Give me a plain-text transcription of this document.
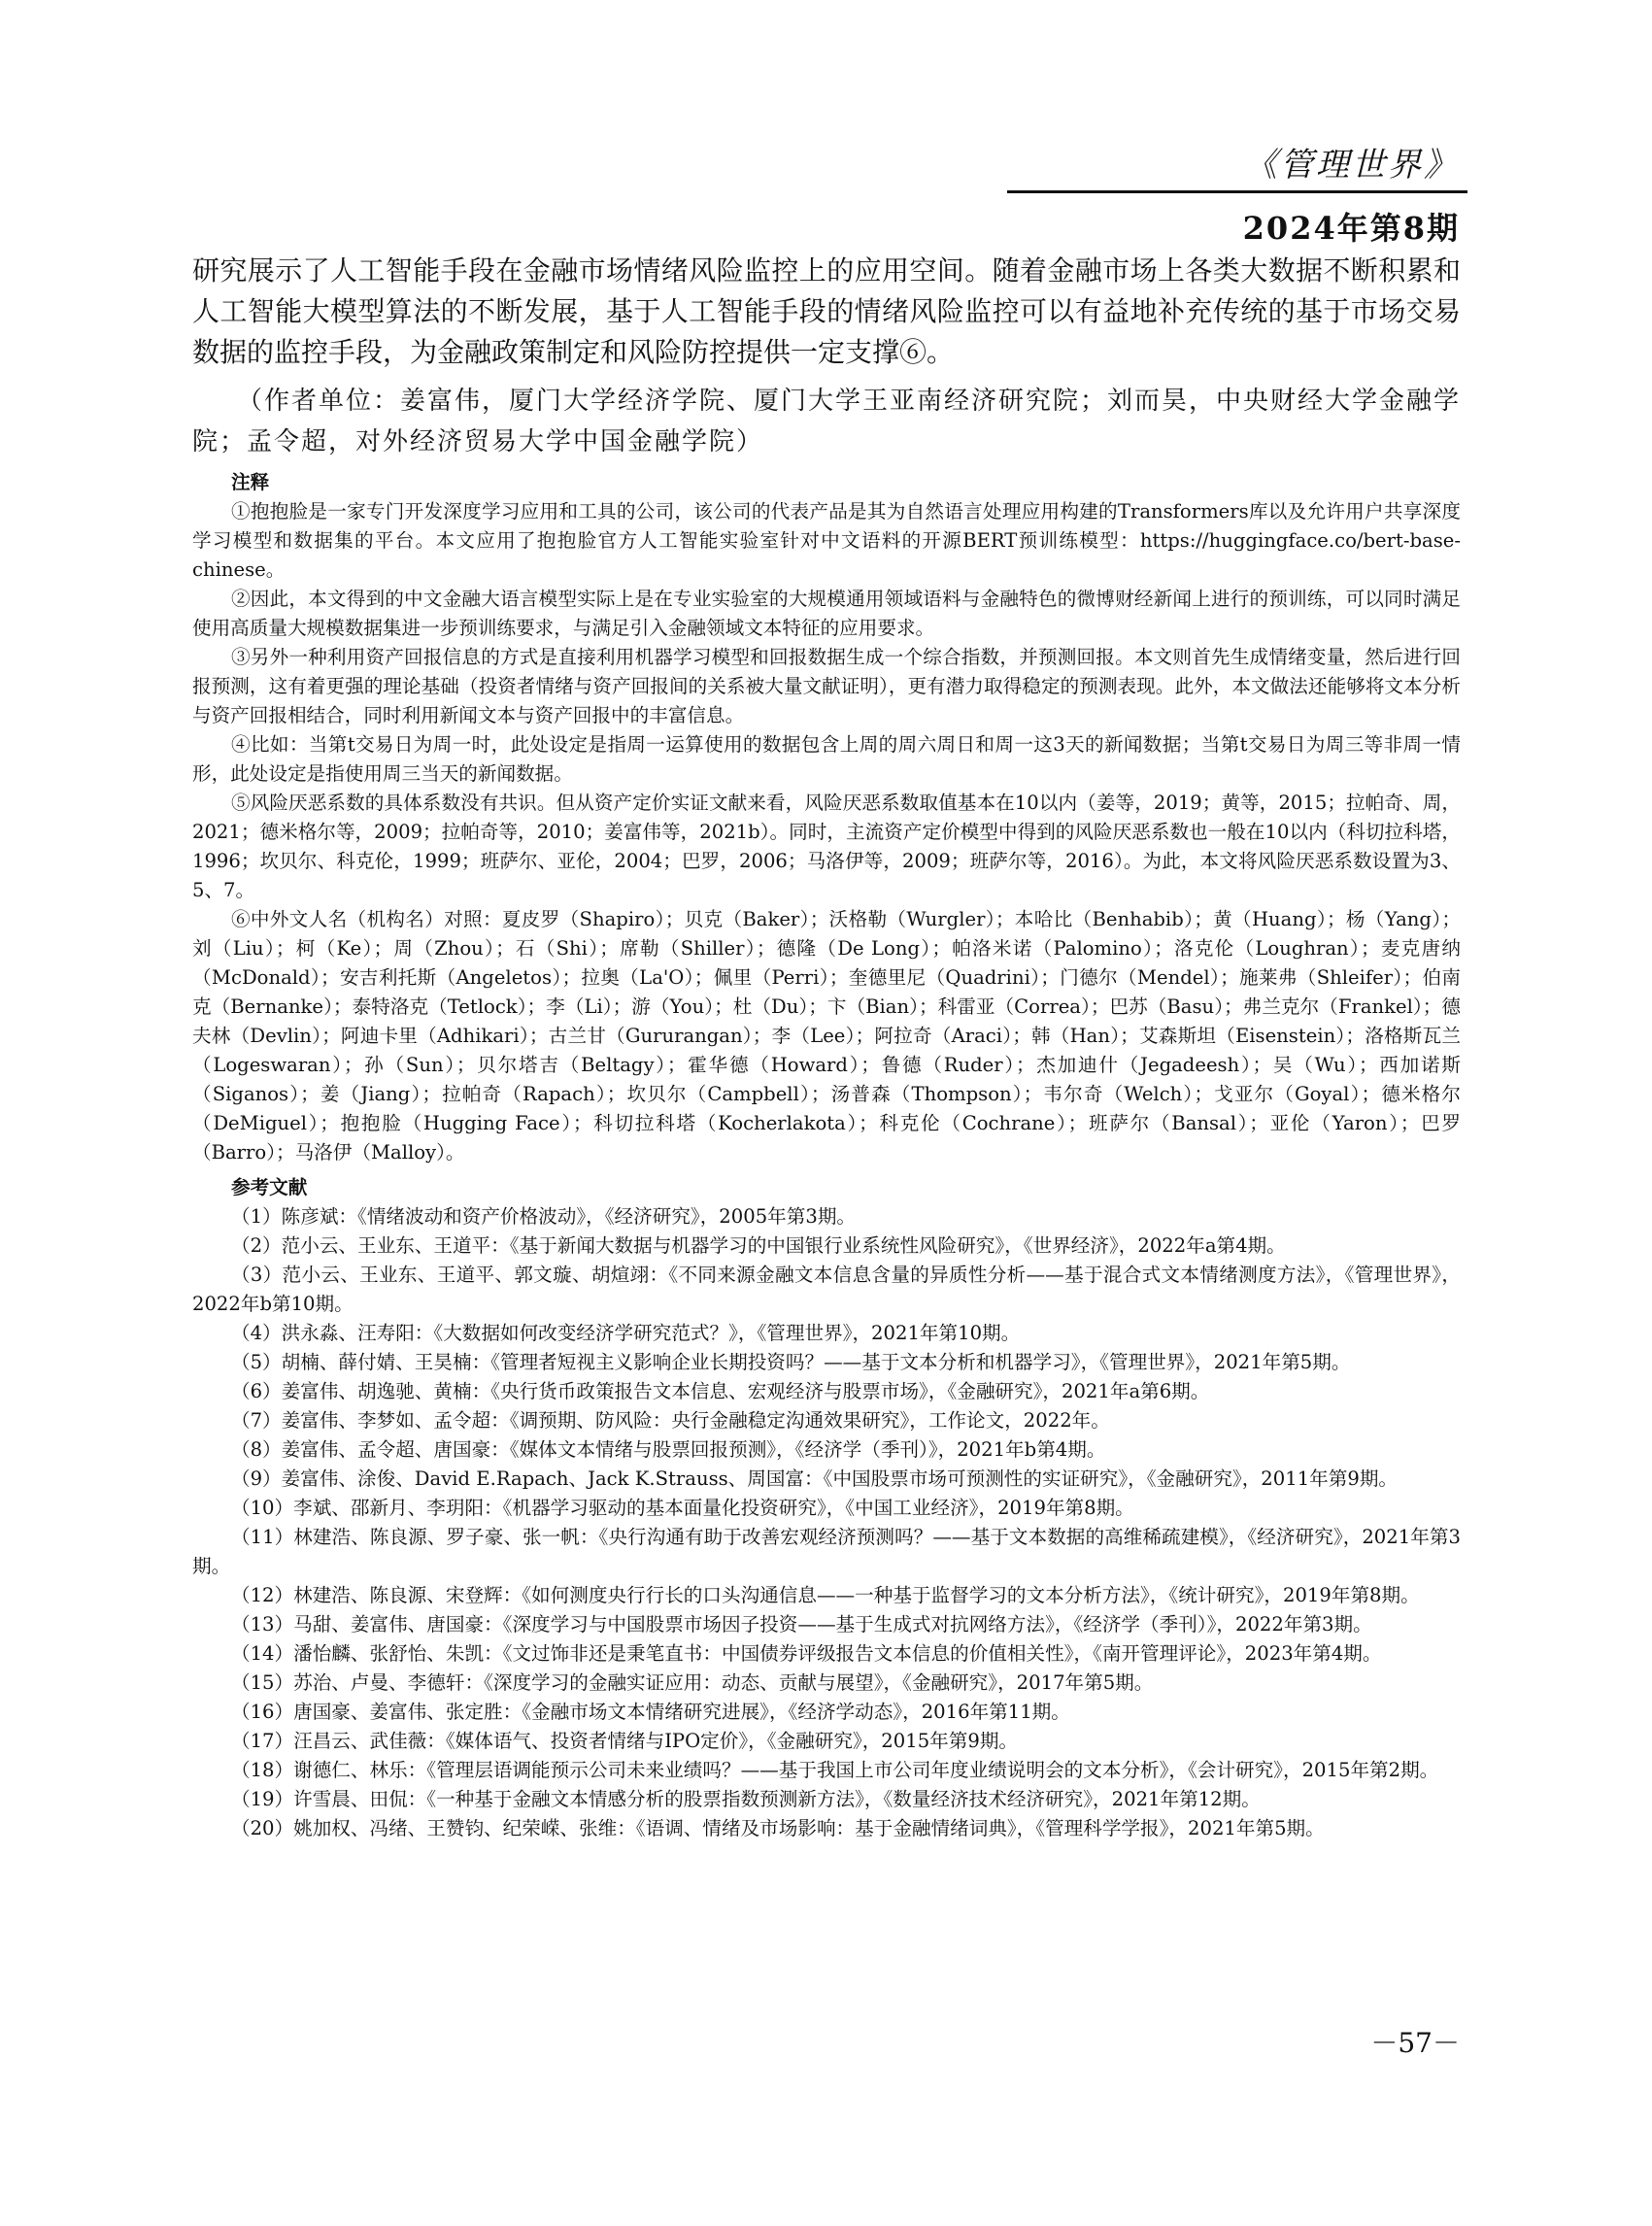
《管理世界》
2024年第8期

研究展示了人工智能手段在金融市场情绪风险监控上的应用空间。随着金融市场上各类大数据不断积累和人工智能大模型算法的不断发展，基于人工智能手段的情绪风险监控可以有益地补充传统的基于市场交易数据的监控手段，为金融政策制定和风险防控提供一定支撑⑥。

（作者单位：姜富伟，厦门大学经济学院、厦门大学王亚南经济研究院；刘而昊，中央财经大学金融学院；孟令超，对外经济贸易大学中国金融学院）

注释

①抱抱脸是一家专门开发深度学习应用和工具的公司，该公司的代表产品是其为自然语言处理应用构建的Transformers库以及允许用户共享深度学习模型和数据集的平台。本文应用了抱抱脸官方人工智能实验室针对中文语料的开源BERT预训练模型：https://huggingface.co/bert-base-chinese。

②因此，本文得到的中文金融大语言模型实际上是在专业实验室的大规模通用领域语料与金融特色的微博财经新闻上进行的预训练，可以同时满足使用高质量大规模数据集进一步预训练要求，与满足引入金融领域文本特征的应用要求。

③另外一种利用资产回报信息的方式是直接利用机器学习模型和回报数据生成一个综合指数，并预测回报。本文则首先生成情绪变量，然后进行回报预测，这有着更强的理论基础（投资者情绪与资产回报间的关系被大量文献证明），更有潜力取得稳定的预测表现。此外，本文做法还能够将文本分析与资产回报相结合，同时利用新闻文本与资产回报中的丰富信息。

④比如：当第t交易日为周一时，此处设定是指周一运算使用的数据包含上周的周六周日和周一这3天的新闻数据；当第t交易日为周三等非周一情形，此处设定是指使用周三当天的新闻数据。

⑤风险厌恶系数的具体系数没有共识。但从资产定价实证文献来看，风险厌恶系数取值基本在10以内（姜等，2019；黄等，2015；拉帕奇、周，2021；德米格尔等，2009；拉帕奇等，2010；姜富伟等，2021b）。同时，主流资产定价模型中得到的风险厌恶系数也一般在10以内（科切拉科塔，1996；坎贝尔、科克伦，1999；班萨尔、亚伦，2004；巴罗，2006；马洛伊等，2009；班萨尔等，2016）。为此，本文将风险厌恶系数设置为3、5、7。

⑥中外文人名（机构名）对照：夏皮罗（Shapiro）；贝克（Baker）；沃格勒（Wurgler）；本哈比（Benhabib）；黄（Huang）；杨（Yang）；刘（Liu）；柯（Ke）；周（Zhou）；石（Shi）；席勒（Shiller）；德隆（De Long）；帕洛米诺（Palomino）；洛克伦（Loughran）；麦克唐纳（McDonald）；安吉利托斯（Angeletos）；拉奥（La'O）；佩里（Perri）；奎德里尼（Quadrini）；门德尔（Mendel）；施莱弗（Shleifer）；伯南克（Bernanke）；泰特洛克（Tetlock）；李（Li）；游（You）；杜（Du）；卞（Bian）；科雷亚（Correa）；巴苏（Basu）；弗兰克尔（Frankel）；德夫林（Devlin）；阿迪卡里（Adhikari）；古兰甘（Gururangan）；李（Lee）；阿拉奇（Araci）；韩（Han）；艾森斯坦（Eisenstein）；洛格斯瓦兰（Logeswaran）；孙（Sun）；贝尔塔吉（Beltagy）；霍华德（Howard）；鲁德（Ruder）；杰加迪什（Jegadeesh）；吴（Wu）；西加诺斯（Siganos）；姜（Jiang）；拉帕奇（Rapach）；坎贝尔（Campbell）；汤普森（Thompson）；韦尔奇（Welch）；戈亚尔（Goyal）；德米格尔（DeMiguel）；抱抱脸（Hugging Face）；科切拉科塔（Kocherlakota）；科克伦（Cochrane）；班萨尔（Bansal）；亚伦（Yaron）；巴罗（Barro）；马洛伊（Malloy）。

参考文献

（1）陈彦斌：《情绪波动和资产价格波动》，《经济研究》，2005年第3期。

（2）范小云、王业东、王道平：《基于新闻大数据与机器学习的中国银行业系统性风险研究》，《世界经济》，2022年a第4期。

（3）范小云、王业东、王道平、郭文璇、胡煊翊：《不同来源金融文本信息含量的异质性分析——基于混合式文本情绪测度方法》，《管理世界》，2022年b第10期。

（4）洪永淼、汪寿阳：《大数据如何改变经济学研究范式？》，《管理世界》，2021年第10期。

（5）胡楠、薛付婧、王昊楠：《管理者短视主义影响企业长期投资吗？——基于文本分析和机器学习》，《管理世界》，2021年第5期。

（6）姜富伟、胡逸驰、黄楠：《央行货币政策报告文本信息、宏观经济与股票市场》，《金融研究》，2021年a第6期。

（7）姜富伟、李梦如、孟令超：《调预期、防风险：央行金融稳定沟通效果研究》，工作论文，2022年。

（8）姜富伟、孟令超、唐国豪：《媒体文本情绪与股票回报预测》，《经济学（季刊）》，2021年b第4期。

（9）姜富伟、涂俊、David E.Rapach、Jack K.Strauss、周国富：《中国股票市场可预测性的实证研究》，《金融研究》，2011年第9期。

（10）李斌、邵新月、李玥阳：《机器学习驱动的基本面量化投资研究》，《中国工业经济》，2019年第8期。

（11）林建浩、陈良源、罗子豪、张一帆：《央行沟通有助于改善宏观经济预测吗？——基于文本数据的高维稀疏建模》，《经济研究》，2021年第3期。

（12）林建浩、陈良源、宋登辉：《如何测度央行行长的口头沟通信息——一种基于监督学习的文本分析方法》，《统计研究》，2019年第8期。

（13）马甜、姜富伟、唐国豪：《深度学习与中国股票市场因子投资——基于生成式对抗网络方法》，《经济学（季刊）》，2022年第3期。

（14）潘怡麟、张舒怡、朱凯：《文过饰非还是秉笔直书：中国债券评级报告文本信息的价值相关性》，《南开管理评论》，2023年第4期。

（15）苏治、卢曼、李德轩：《深度学习的金融实证应用：动态、贡献与展望》，《金融研究》，2017年第5期。

（16）唐国豪、姜富伟、张定胜：《金融市场文本情绪研究进展》，《经济学动态》，2016年第11期。

（17）汪昌云、武佳薇：《媒体语气、投资者情绪与IPO定价》，《金融研究》，2015年第9期。

（18）谢德仁、林乐：《管理层语调能预示公司未来业绩吗？——基于我国上市公司年度业绩说明会的文本分析》，《会计研究》，2015年第2期。

（19）许雪晨、田侃：《一种基于金融文本情感分析的股票指数预测新方法》，《数量经济技术经济研究》，2021年第12期。

（20）姚加权、冯绪、王赞钧、纪荣嵘、张维：《语调、情绪及市场影响：基于金融情绪词典》，《管理科学学报》，2021年第5期。

－57－
